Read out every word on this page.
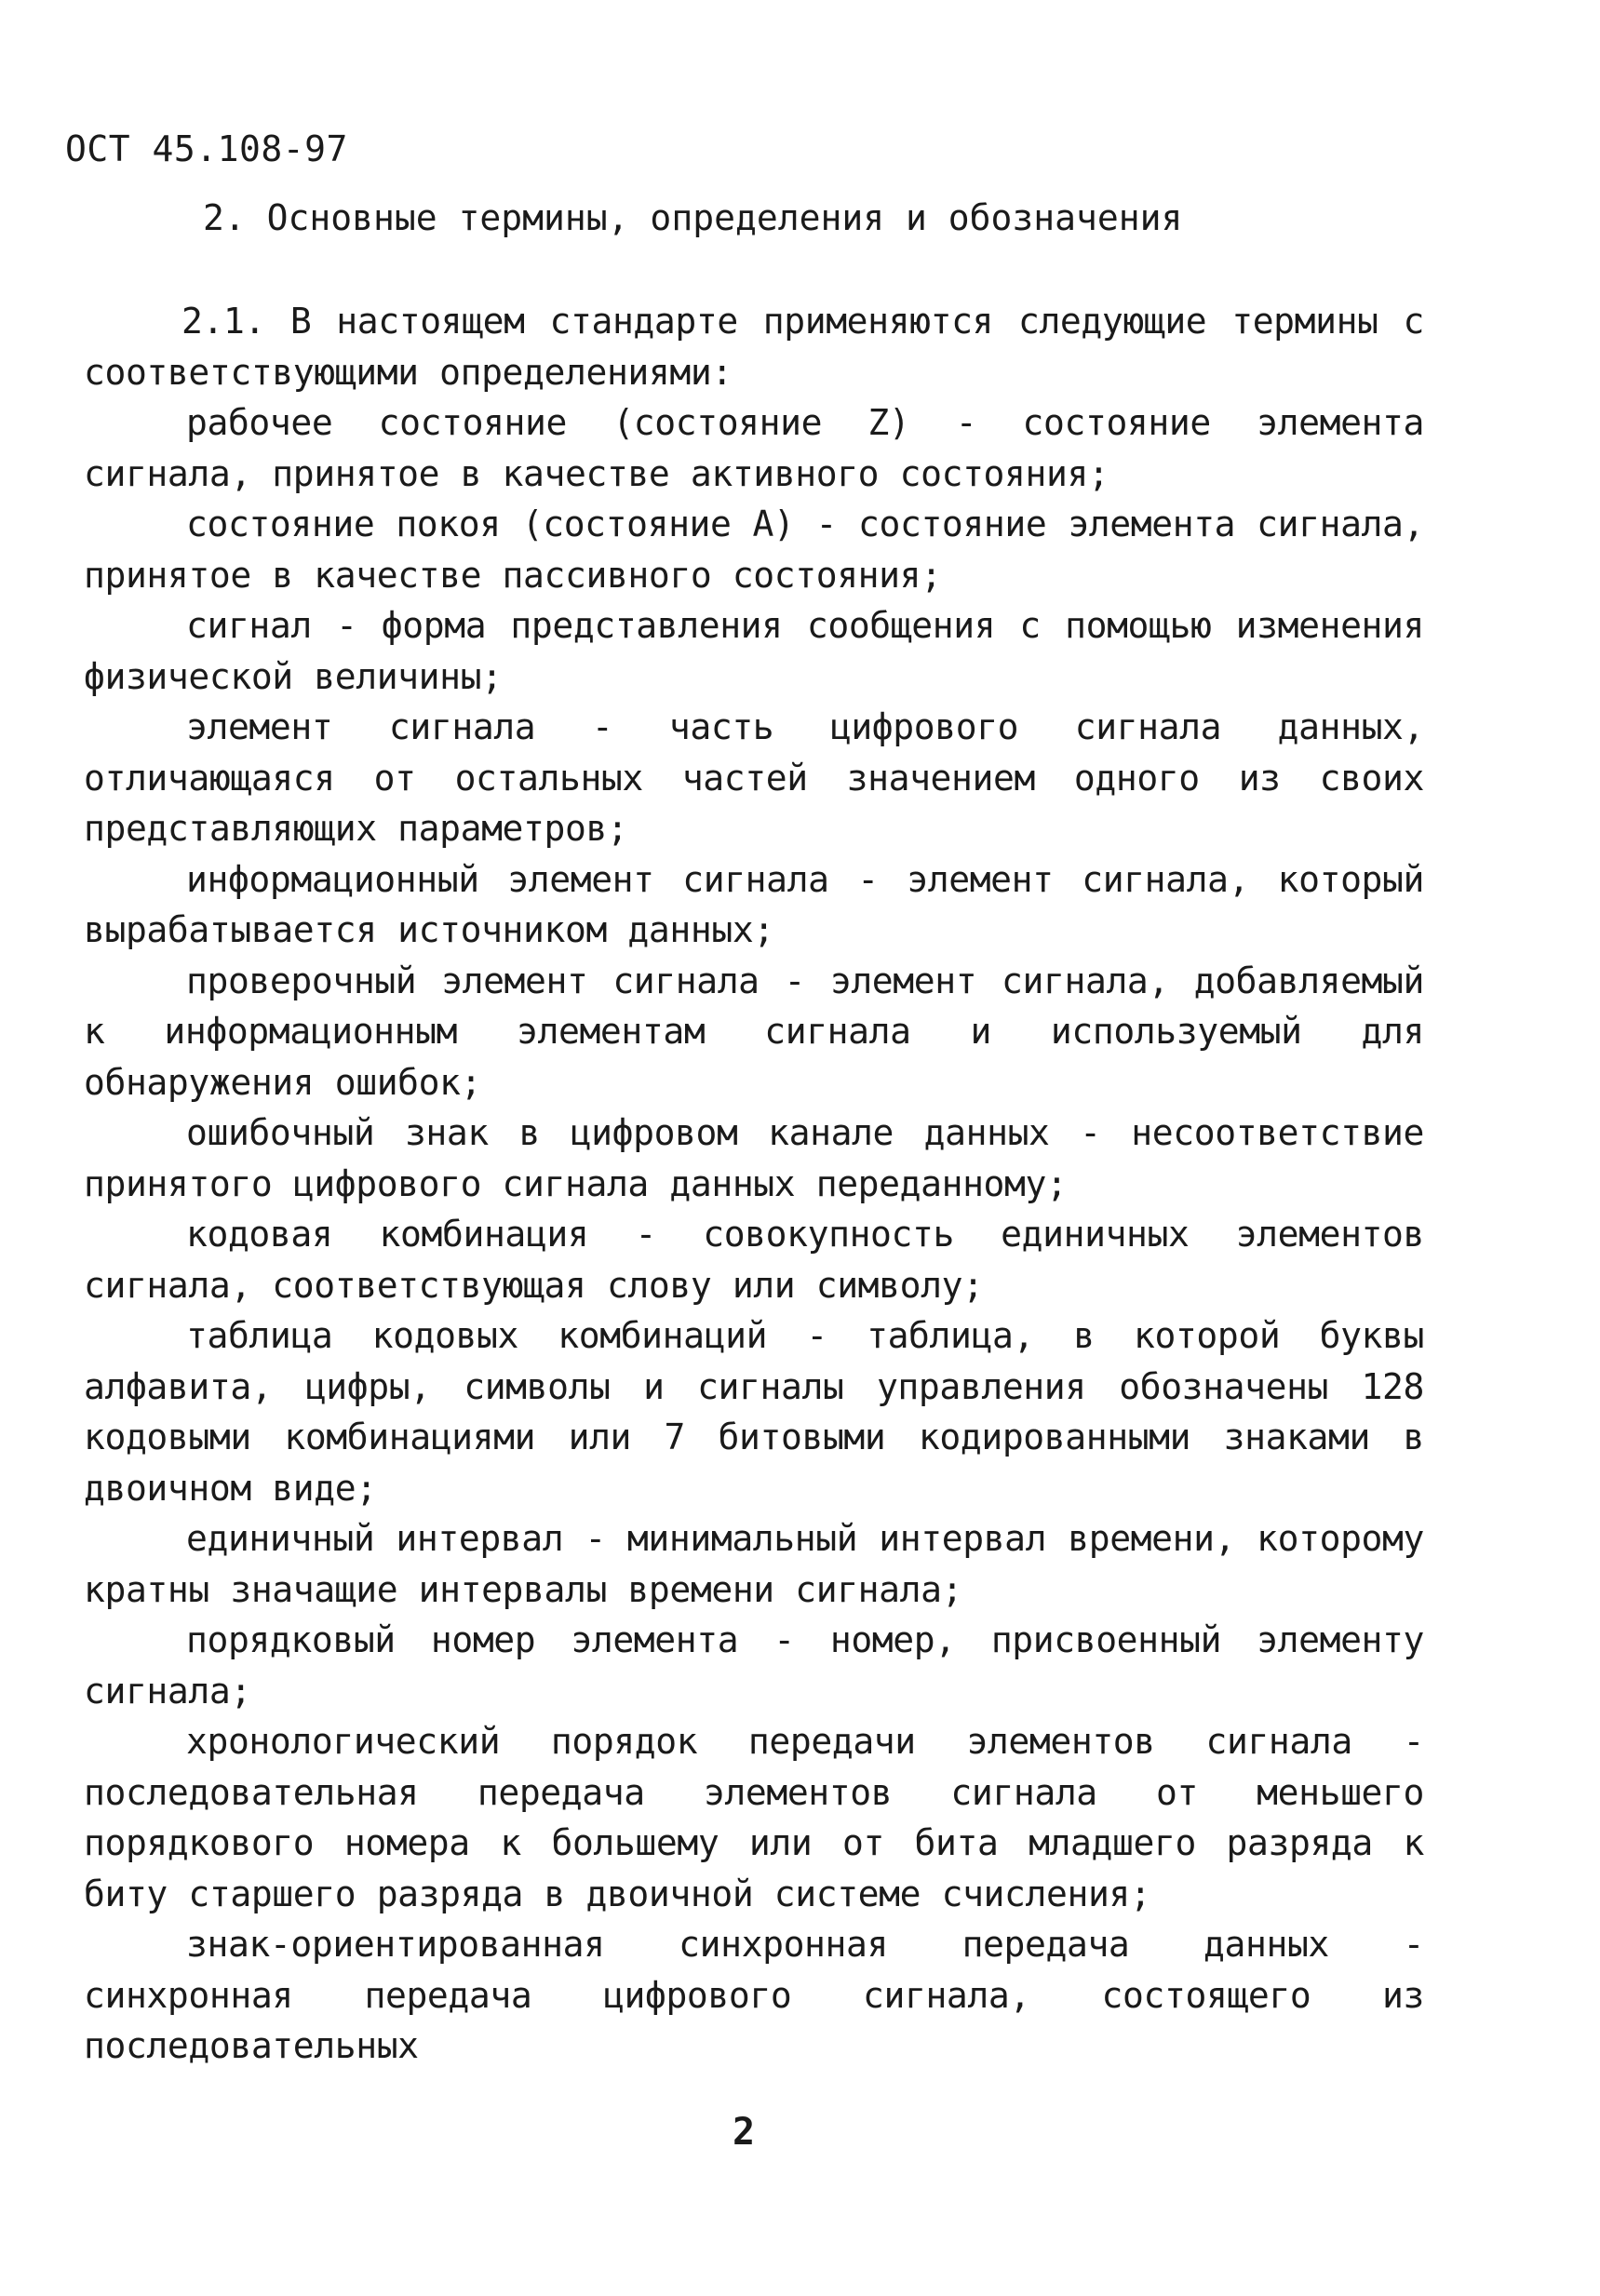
ОСТ 45.108-97
2. Основные термины, определения и обозначения

2.1. В настоящем стандарте применяются следующие термины с соответствующими определениями:

рабочее состояние (состояние Z) - состояние элемента сигнала, принятое в качестве активного состояния;

состояние покоя (состояние А) - состояние элемента сигнала, принятое в качестве пассивного состояния;

сигнал - форма представления сообщения с помощью изменения физической величины;

элемент сигнала - часть цифрового сигнала данных, отличающаяся от остальных частей значением одного из своих представляющих параметров;

информационный элемент сигнала - элемент сигнала, который вырабатывается источником данных;

проверочный элемент сигнала - элемент сигнала, добавляемый к информационным элементам сигнала и используемый для обнаружения ошибок;

ошибочный знак в цифровом канале данных - несоответствие принятого цифрового сигнала данных переданному;

кодовая комбинация - совокупность единичных элементов сигнала, соответствующая слову или символу;

таблица кодовых комбинаций - таблица, в которой буквы алфавита, цифры, символы и сигналы управления обозначены 128 кодовыми комбинациями или 7 битовыми кодированными знаками в двоичном виде;

единичный интервал - минимальный интервал времени, которому кратны значащие интервалы времени сигнала;

порядковый номер элемента - номер, присвоенный элементу сигнала;

хронологический порядок передачи элементов сигнала - последовательная передача элементов сигнала от меньшего порядкового номера к большему или от бита младшего разряда к биту старшего разряда в двоичной системе счисления;

знак-ориентированная синхронная передача данных - синхронная передача цифрового сигнала, состоящего из последовательных

2
